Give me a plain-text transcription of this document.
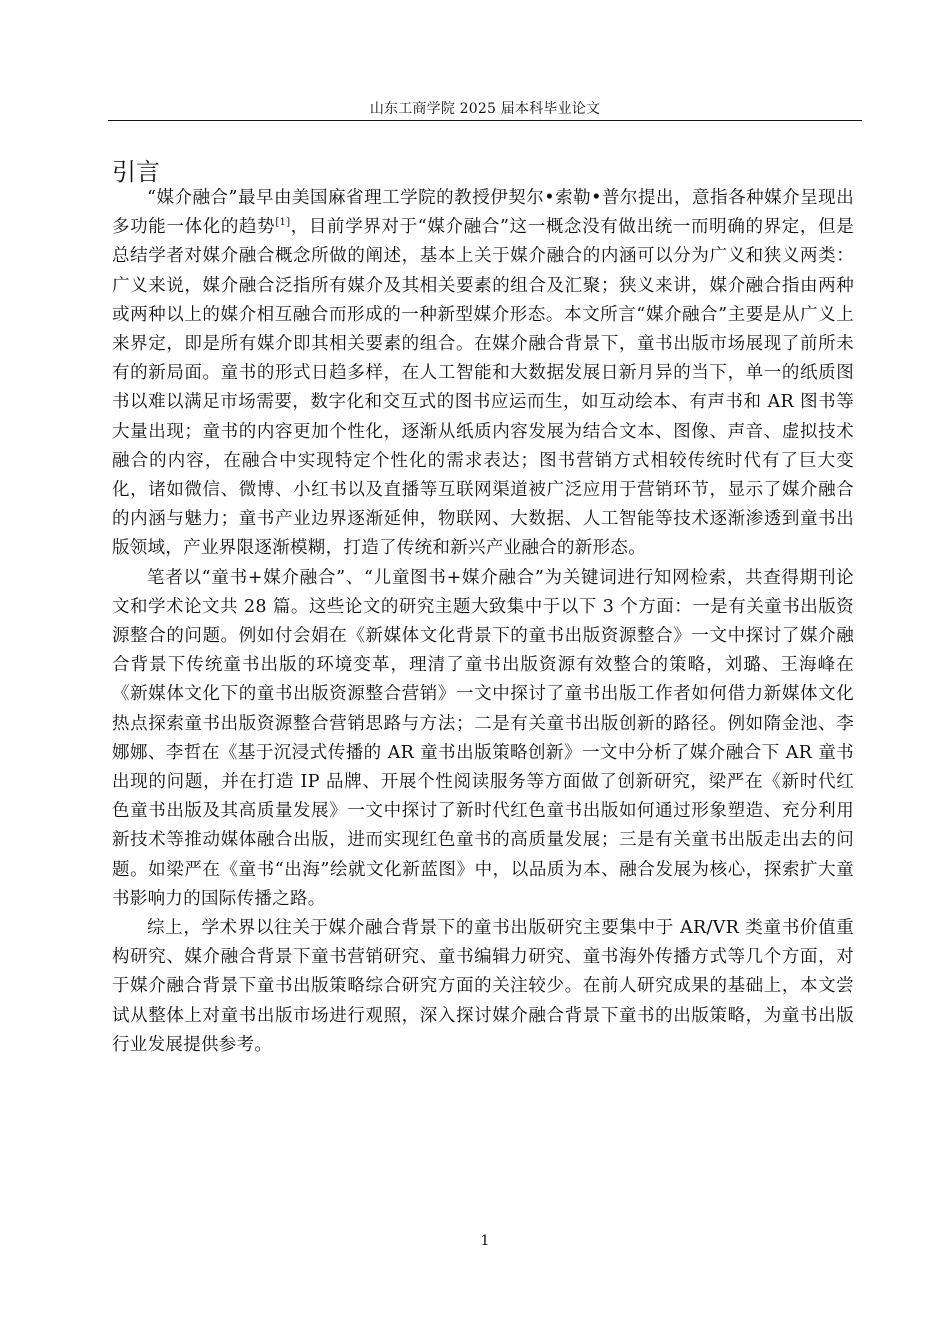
山东工商学院 2025 届本科毕业论文
引言

“媒介融合”最早由美国麻省理工学院的教授伊契尔•索勒•普尔提出，意指各种媒介呈现出多功能一体化的趋势[1]，目前学界对于“媒介融合”这一概念没有做出统一而明确的界定，但是总结学者对媒介融合概念所做的阐述，基本上关于媒介融合的内涵可以分为广义和狭义两类：广义来说，媒介融合泛指所有媒介及其相关要素的组合及汇聚；狭义来讲，媒介融合指由两种或两种以上的媒介相互融合而形成的一种新型媒介形态。本文所言“媒介融合”主要是从广义上来界定，即是所有媒介即其相关要素的组合。在媒介融合背景下，童书出版市场展现了前所未有的新局面。童书的形式日趋多样，在人工智能和大数据发展日新月异的当下，单一的纸质图书以难以满足市场需要，数字化和交互式的图书应运而生，如互动绘本、有声书和 AR 图书等大量出现；童书的内容更加个性化，逐渐从纸质内容发展为结合文本、图像、声音、虚拟技术融合的内容，在融合中实现特定个性化的需求表达；图书营销方式相较传统时代有了巨大变化，诸如微信、微博、小红书以及直播等互联网渠道被广泛应用于营销环节，显示了媒介融合的内涵与魅力；童书产业边界逐渐延伸，物联网、大数据、人工智能等技术逐渐渗透到童书出版领域，产业界限逐渐模糊，打造了传统和新兴产业融合的新形态。

笔者以“童书+媒介融合”、“儿童图书+媒介融合”为关键词进行知网检索，共查得期刊论文和学术论文共 28 篇。这些论文的研究主题大致集中于以下 3 个方面：一是有关童书出版资源整合的问题。例如付会娟在《新媒体文化背景下的童书出版资源整合》一文中探讨了媒介融合背景下传统童书出版的环境变革，理清了童书出版资源有效整合的策略，刘璐、王海峰在《新媒体文化下的童书出版资源整合营销》一文中探讨了童书出版工作者如何借力新媒体文化热点探索童书出版资源整合营销思路与方法；二是有关童书出版创新的路径。例如隋金池、李娜娜、李哲在《基于沉浸式传播的 AR 童书出版策略创新》一文中分析了媒介融合下 AR 童书出现的问题，并在打造 IP 品牌、开展个性阅读服务等方面做了创新研究，梁严在《新时代红色童书出版及其高质量发展》一文中探讨了新时代红色童书出版如何通过形象塑造、充分利用新技术等推动媒体融合出版，进而实现红色童书的高质量发展；三是有关童书出版走出去的问题。如梁严在《童书“出海”绘就文化新蓝图》中，以品质为本、融合发展为核心，探索扩大童书影响力的国际传播之路。

综上，学术界以往关于媒介融合背景下的童书出版研究主要集中于 AR/VR 类童书价值重构研究、媒介融合背景下童书营销研究、童书编辑力研究、童书海外传播方式等几个方面，对于媒介融合背景下童书出版策略综合研究方面的关注较少。在前人研究成果的基础上，本文尝试从整体上对童书出版市场进行观照，深入探讨媒介融合背景下童书的出版策略，为童书出版行业发展提供参考。

1
